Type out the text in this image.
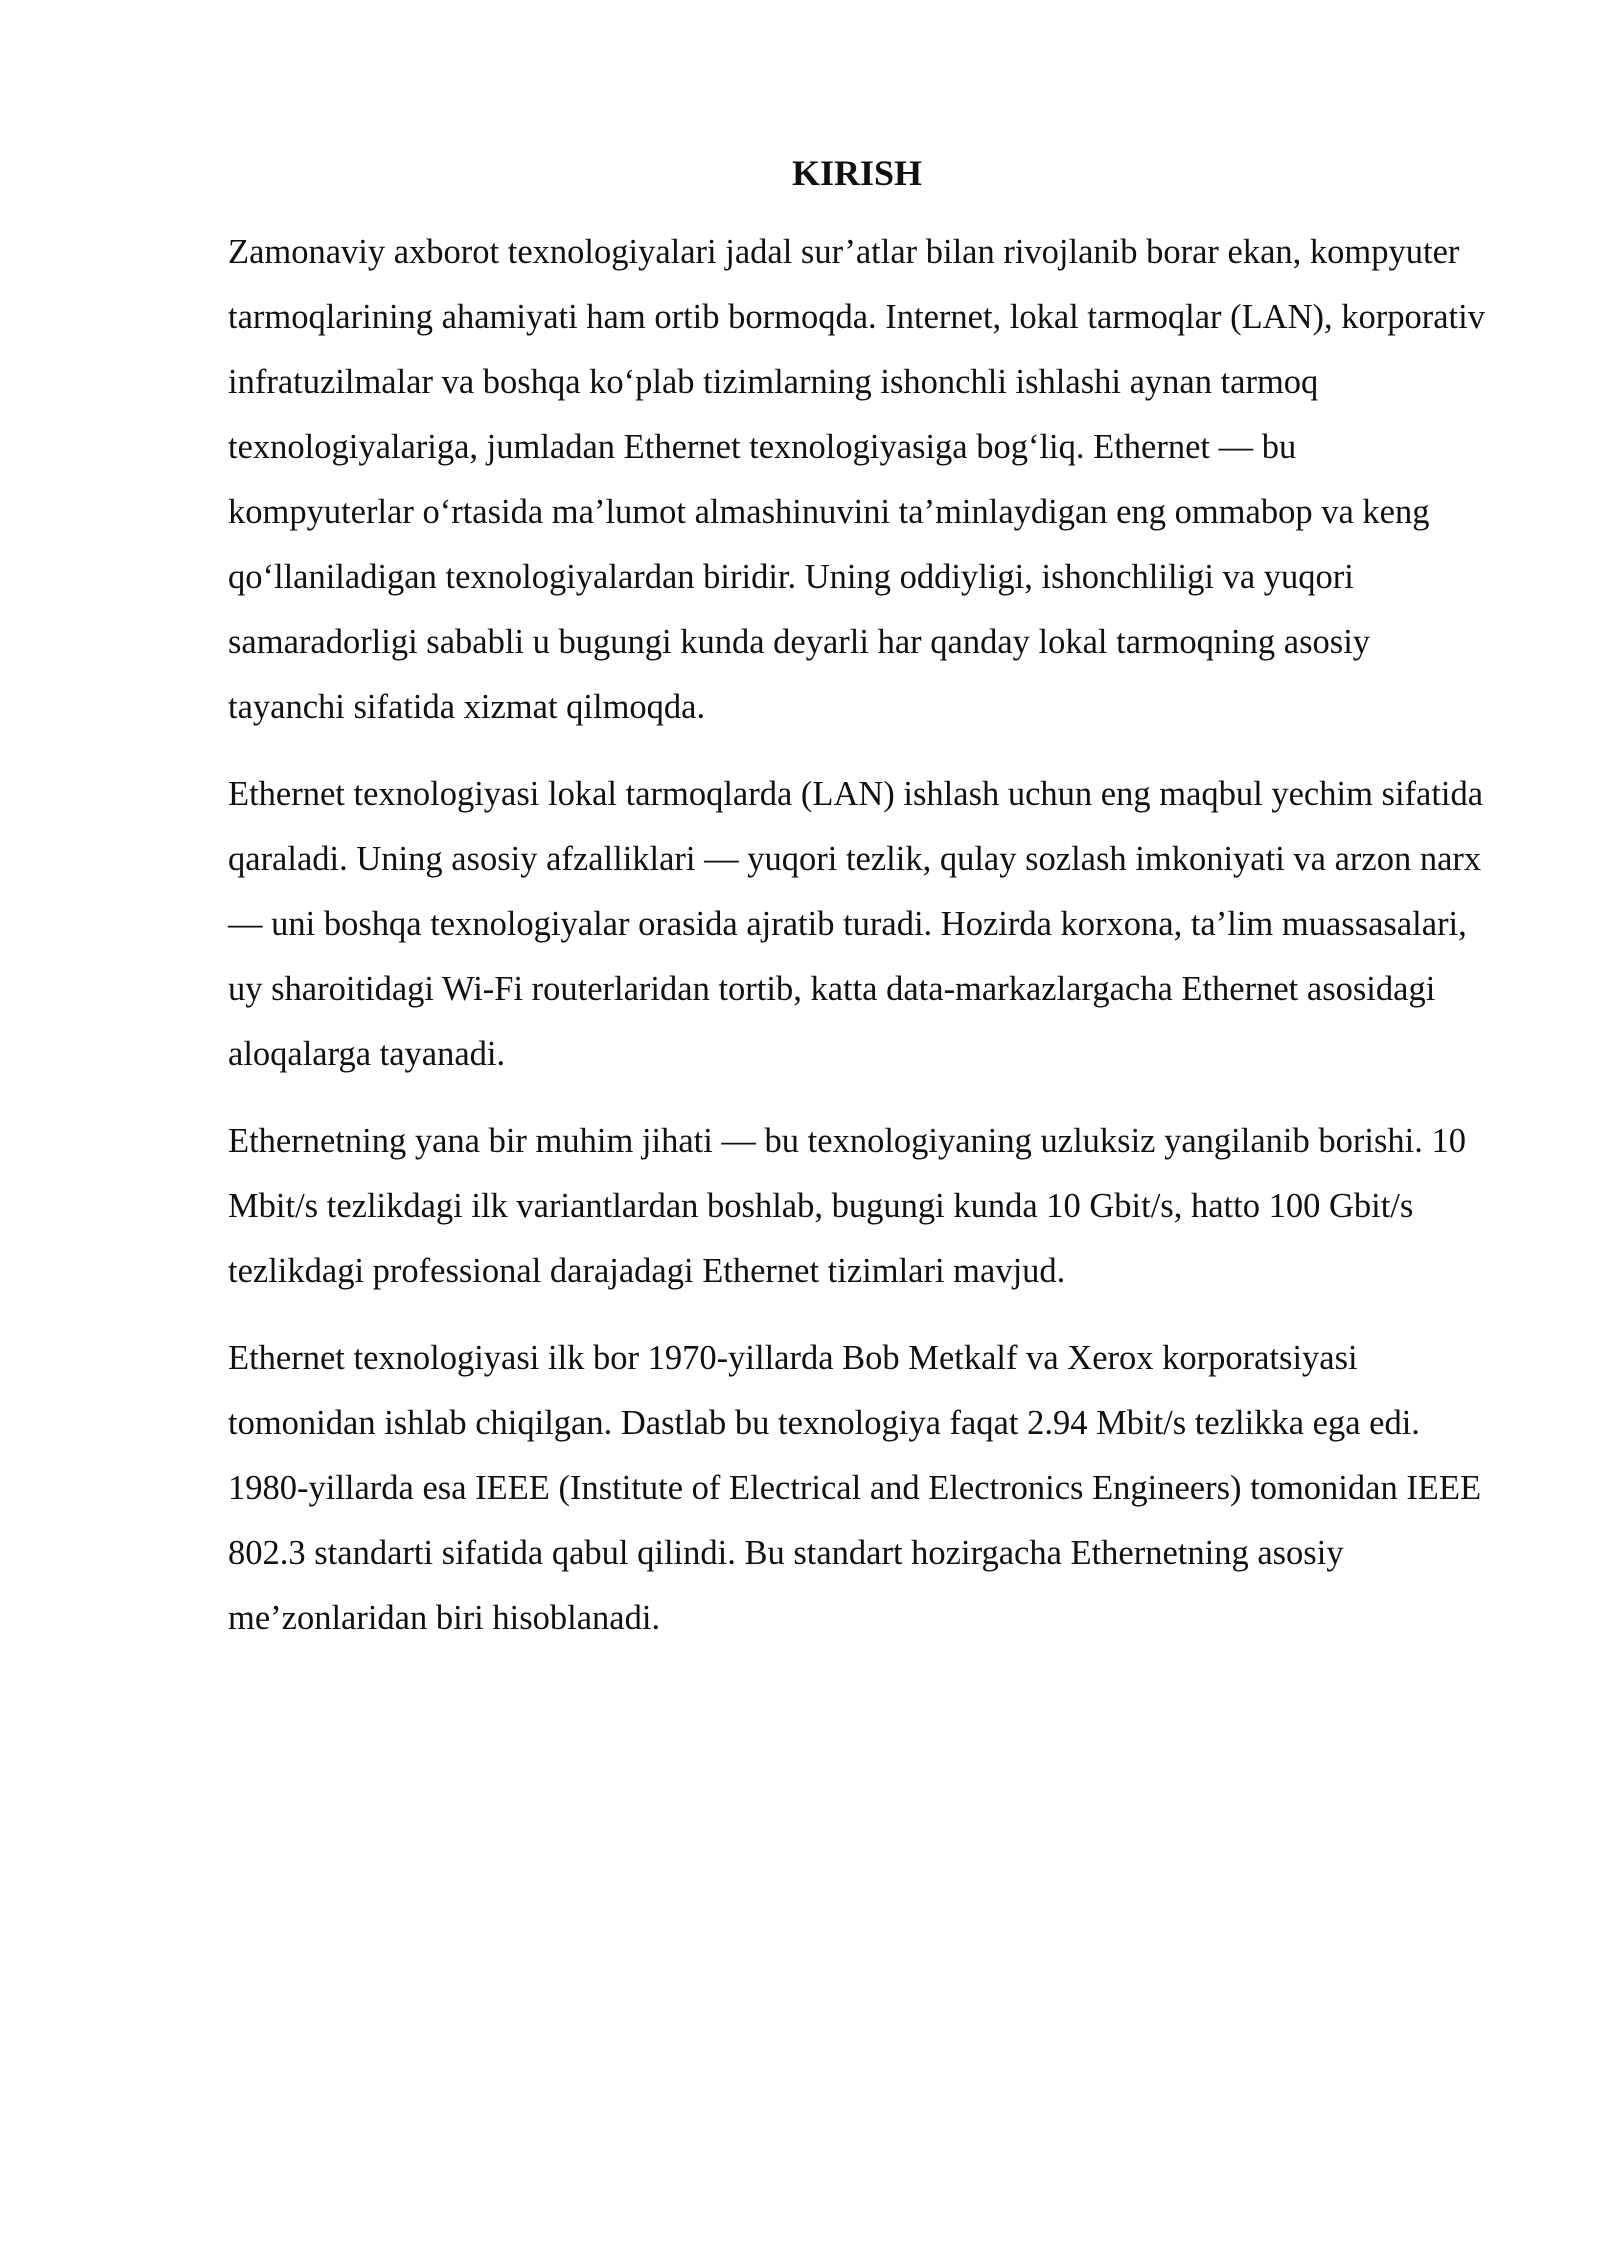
KIRISH

Zamonaviy axborot texnologiyalari jadal sur’atlar bilan rivojlanib borar ekan, kompyuter tarmoqlarining ahamiyati ham ortib bormoqda. Internet, lokal tarmoqlar (LAN), korporativ infratuzilmalar va boshqa ko‘plab tizimlarning ishonchli ishlashi aynan tarmoq texnologiyalariga, jumladan Ethernet texnologiyasiga bog‘liq. Ethernet — bu kompyuterlar o‘rtasida ma’lumot almashinuvini ta’minlaydigan eng ommabop va keng qo‘llaniladigan texnologiyalardan biridir. Uning oddiyligi, ishonchliligi va yuqori samaradorligi sababli u bugungi kunda deyarli har qanday lokal tarmoqning asosiy tayanchi sifatida xizmat qilmoqda.

Ethernet texnologiyasi lokal tarmoqlarda (LAN) ishlash uchun eng maqbul yechim sifatida qaraladi. Uning asosiy afzalliklari — yuqori tezlik, qulay sozlash imkoniyati va arzon narx — uni boshqa texnologiyalar orasida ajratib turadi. Hozirda korxona, ta’lim muassasalari, uy sharoitidagi Wi-Fi routerlaridan tortib, katta data-markazlargacha Ethernet asosidagi aloqalarga tayanadi.

Ethernetning yana bir muhim jihati — bu texnologiyaning uzluksiz yangilanib borishi. 10 Mbit/s tezlikdagi ilk variantlardan boshlab, bugungi kunda 10 Gbit/s, hatto 100 Gbit/s tezlikdagi professional darajadagi Ethernet tizimlari mavjud.

Ethernet texnologiyasi ilk bor 1970-yillarda Bob Metkalf va Xerox korporatsiyasi tomonidan ishlab chiqilgan. Dastlab bu texnologiya faqat 2.94 Mbit/s tezlikka ega edi. 1980-yillarda esa IEEE (Institute of Electrical and Electronics Engineers) tomonidan IEEE 802.3 standarti sifatida qabul qilindi. Bu standart hozirgacha Ethernetning asosiy me’zonlaridan biri hisoblanadi.
